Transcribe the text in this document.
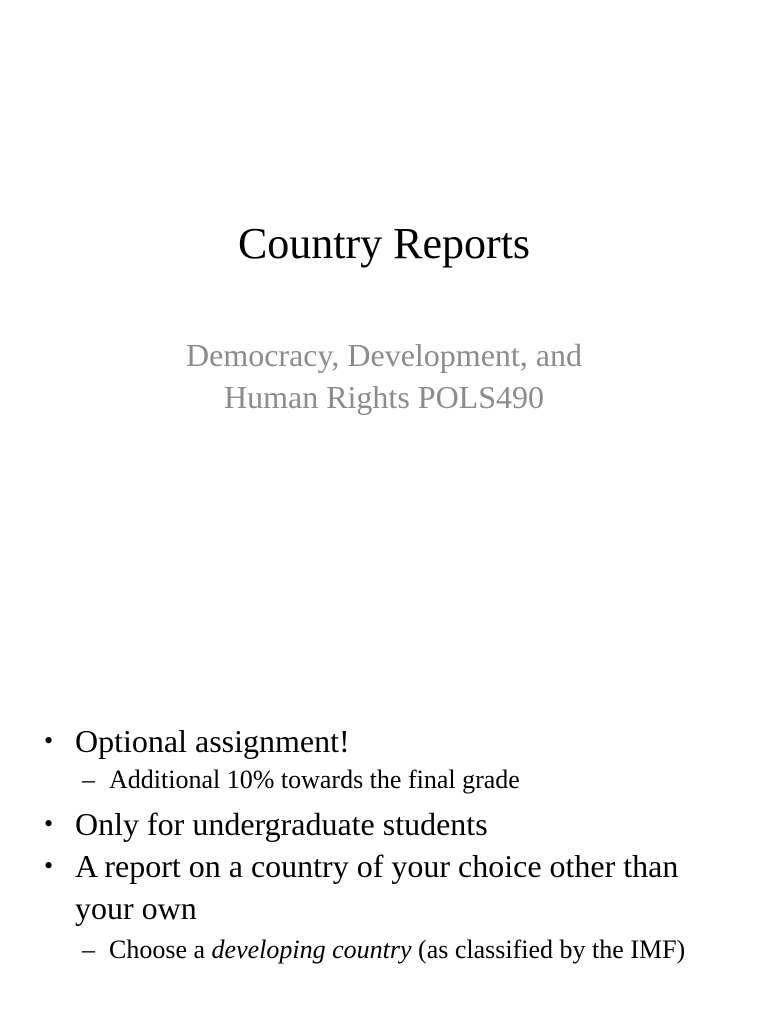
Country Reports
Democracy, Development, and
Human Rights POLS490
• Optional assignment!
– Additional 10% towards the final grade
• Only for undergraduate students
• A report on a country of your choice other than your own
– Choose a developing country (as classified by the IMF)
